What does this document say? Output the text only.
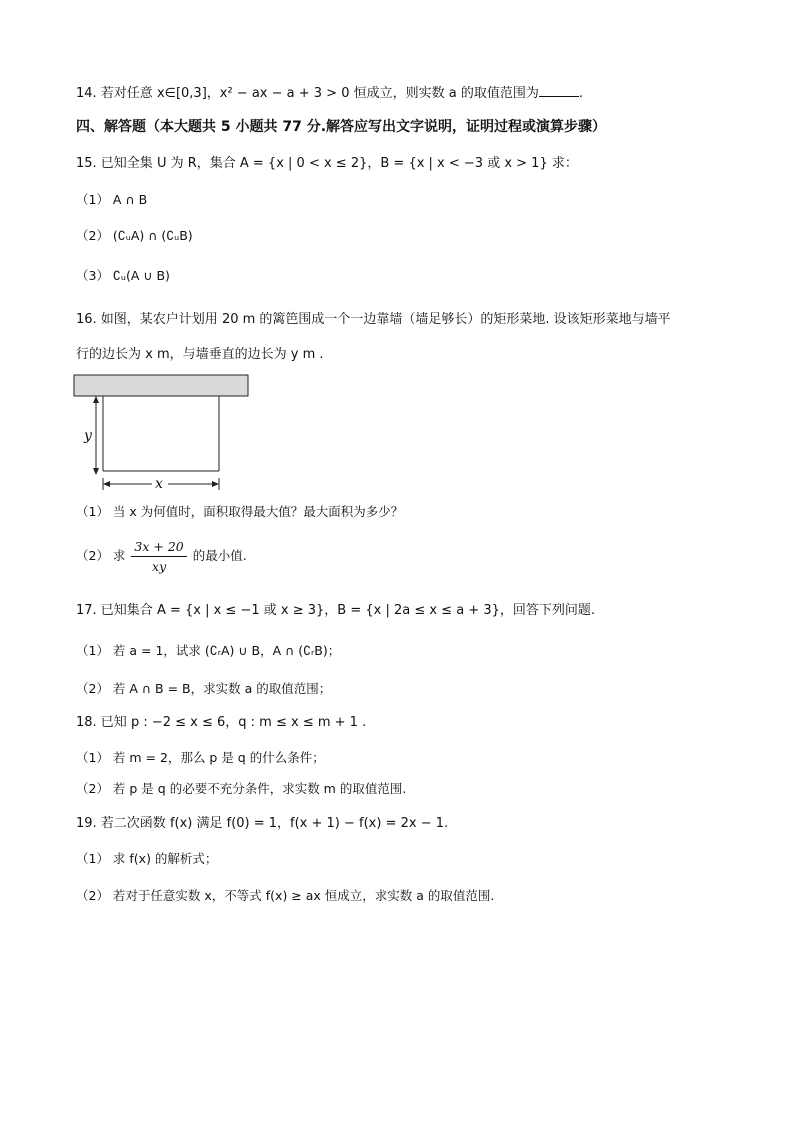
14. 若对任意 x∈[0,3]，x² − ax − a + 3 > 0 恒成立，则实数 a 的取值范围为	.
四、解答题（本大题共 5 小题共 77 分.解答应写出文字说明，证明过程或演算步骤）
15. 已知全集 U 为 R，集合 A = {x | 0 < x ≤ 2}，B = {x | x < −3 或 x > 1} 求：
（1） A ∩ B
（2） (∁ᵤA) ∩ (∁ᵤB)
（3） ∁ᵤ(A ∪ B)
16. 如图，某农户计划用 20 m 的篱笆围成一个一边靠墙（墙足够长）的矩形菜地. 设该矩形菜地与墙平
行的边长为 x m，与墙垂直的边长为 y m .
y
x
（1） 当 x 为何值时，面积取得最大值？最大面积为多少？
（2） 求 $\frac{3x + 20}{xy}$ 的最小值.
17. 已知集合 A = {x | x ≤ −1 或 x ≥ 3}，B = {x | 2a ≤ x ≤ a + 3}，回答下列问题.
（1） 若 a = 1，试求 (∁ᵣA) ∪ B，A ∩ (∁ᵣB)；
（2） 若 A ∩ B = B，求实数 a 的取值范围；
18. 已知 p : −2 ≤ x ≤ 6，q : m ≤ x ≤ m + 1 .
（1） 若 m = 2，那么 p 是 q 的什么条件；
（2） 若 p 是 q 的必要不充分条件，求实数 m 的取值范围.
19. 若二次函数 f(x) 满足 f(0) = 1，f(x + 1) − f(x) = 2x − 1.
（1） 求 f(x) 的解析式；
（2） 若对于任意实数 x，不等式 f(x) ≥ ax 恒成立，求实数 a 的取值范围.
